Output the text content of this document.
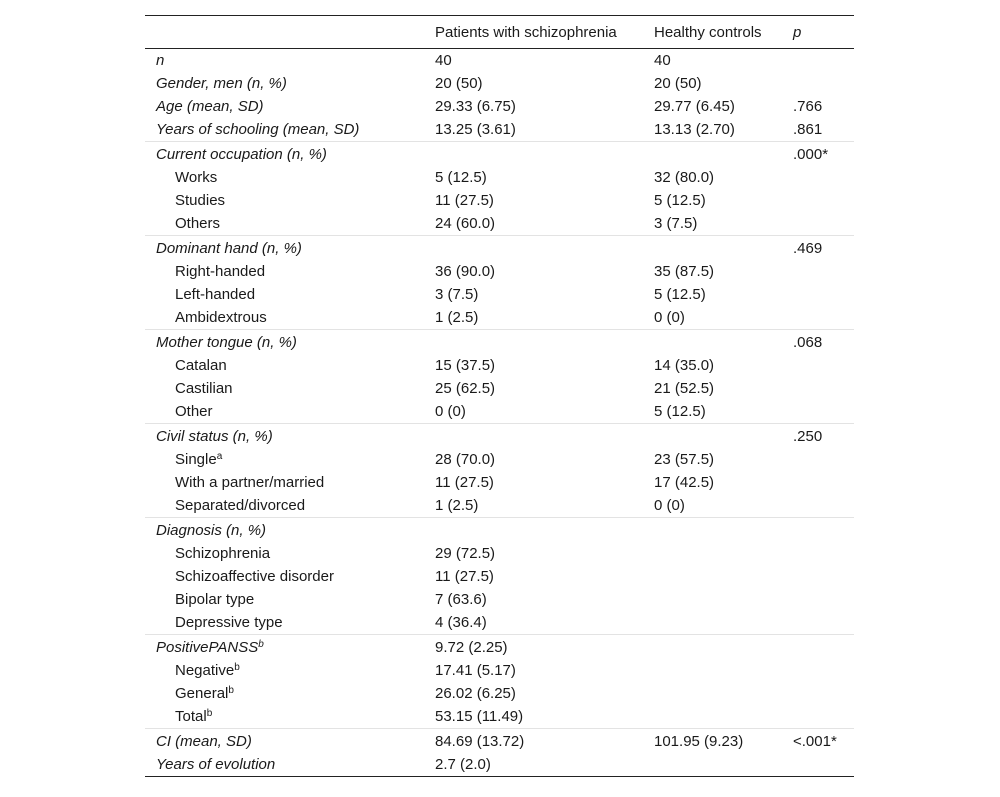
	Patients with schizophrenia	Healthy controls	p
n	40	40	
Gender, men (n, %)	20 (50)	20 (50)	
Age (mean, SD)	29.33 (6.75)	29.77 (6.45)	.766
Years of schooling (mean, SD)	13.25 (3.61)	13.13 (2.70)	.861
Current occupation (n, %)			.000*
Works	5 (12.5)	32 (80.0)	
Studies	11 (27.5)	5 (12.5)	
Others	24 (60.0)	3 (7.5)	
Dominant hand (n, %)			.469
Right-handed	36 (90.0)	35 (87.5)	
Left-handed	3 (7.5)	5 (12.5)	
Ambidextrous	1 (2.5)	0 (0)	
Mother tongue (n, %)			.068
Catalan	15 (37.5)	14 (35.0)	
Castilian	25 (62.5)	21 (52.5)	
Other	0 (0)	5 (12.5)	
Civil status (n, %)			.250
Single$^a$	28 (70.0)	23 (57.5)	
With a partner/married	11 (27.5)	17 (42.5)	
Separated/divorced	1 (2.5)	0 (0)	
Diagnosis (n, %)			
Schizophrenia	29 (72.5)		
Schizoaffective disorder	11 (27.5)		
Bipolar type	7 (63.6)		
Depressive type	4 (36.4)		
PositivePANSS$^b$	9.72 (2.25)		
Negative$^b$	17.41 (5.17)		
General$^b$	26.02 (6.25)		
Total$^b$	53.15 (11.49)		
CI (mean, SD)	84.69 (13.72)	101.95 (9.23)	<.001*
Years of evolution	2.7 (2.0)		
